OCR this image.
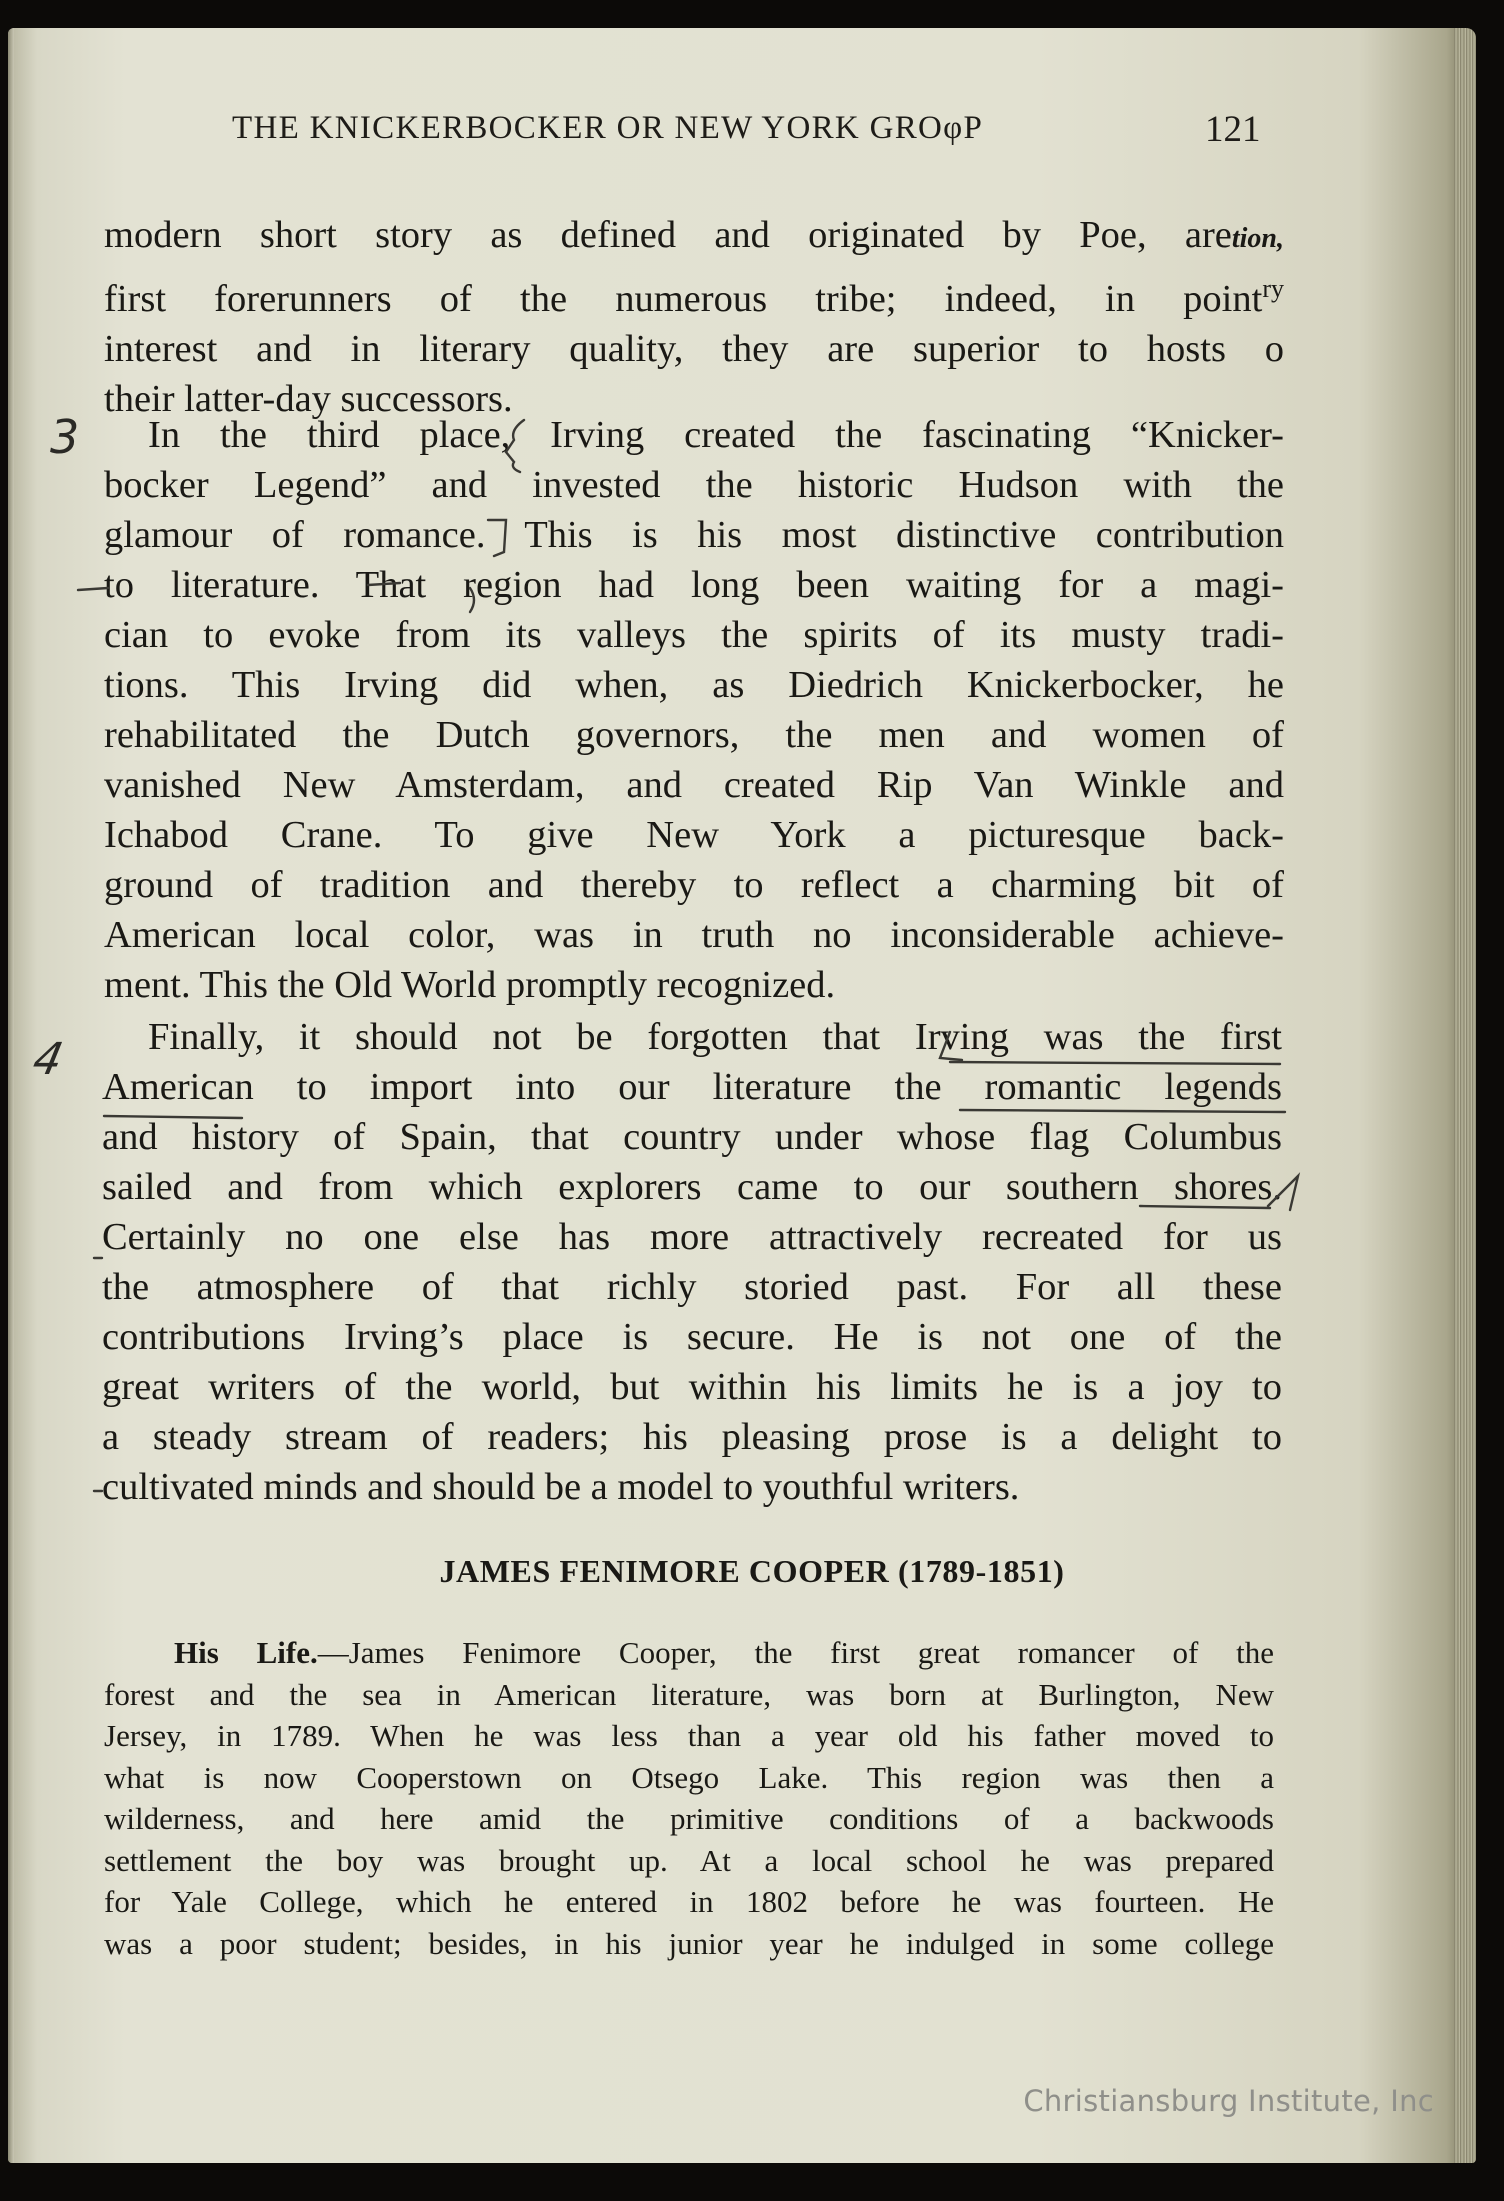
THE KNICKERBOCKER OR NEW YORK GROφP	121
modern short story as defined and originated by Poe, aretion,
first forerunners of the numerous tribe; indeed, in point$^{ry}$
interest and in literary quality, they are superior to hosts o
their latter-day successors.
In the third place, Irving created the fascinating “Knicker-
bocker Legend” and invested the historic Hudson with the
glamour of romance. This is his most distinctive contribution
to literature. That region had long been waiting for a magi-
cian to evoke from its valleys the spirits of its musty tradi-
tions. This Irving did when, as Diedrich Knickerbocker, he
rehabilitated the Dutch governors, the men and women of
vanished New Amsterdam, and created Rip Van Winkle and
Ichabod Crane. To give New York a picturesque back-
ground of tradition and thereby to reflect a charming bit of
American local color, was in truth no inconsiderable achieve-
ment. This the Old World promptly recognized.
Finally, it should not be forgotten that Irving was the first
American to import into our literature the romantic legends
and history of Spain, that country under whose flag Columbus
sailed and from which explorers came to our southern shores.
Certainly no one else has more attractively recreated for us
the atmosphere of that richly storied past. For all these
contributions Irving’s place is secure. He is not one of the
great writers of the world, but within his limits he is a joy to
a steady stream of readers; his pleasing prose is a delight to
cultivated minds and should be a model to youthful writers.
3
4
JAMES FENIMORE COOPER (1789-1851)
His Life.—James Fenimore Cooper, the first great romancer of the
forest and the sea in American literature, was born at Burlington, New
Jersey, in 1789. When he was less than a year old his father moved to
what is now Cooperstown on Otsego Lake. This region was then a
wilderness, and here amid the primitive conditions of a backwoods
settlement the boy was brought up. At a local school he was prepared
for Yale College, which he entered in 1802 before he was fourteen. He
was a poor student; besides, in his junior year he indulged in some college
Christiansburg Institute, Inc
